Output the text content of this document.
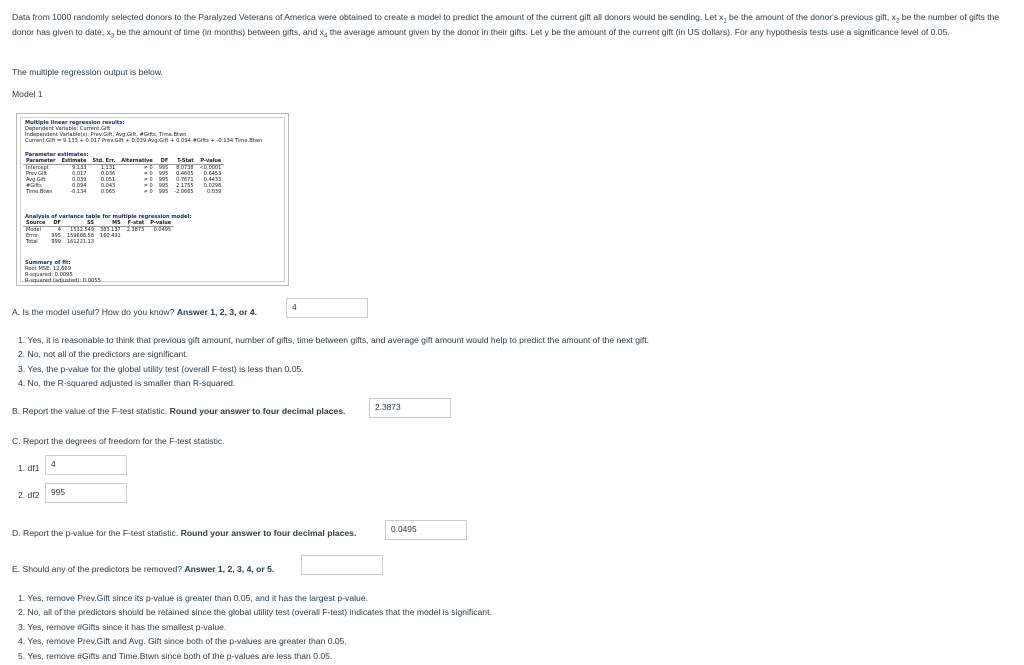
Data from 1000 randomly selected donors to the Paralyzed Veterans of America were obtained to create a model to predict the amount of the current gift all donors would be sending. Let $x_1$ be the amount of the donor's previous gift, $x_2$ be the number of gifts the donor has given to date, $x_3$ be the amount of time (in months) between gifts, and $x_4$ the average amount given by the donor in their gifts. Let y be the amount of the current gift (in US dollars). For any hypothesis tests use a significance level of 0.05.
The multiple regression output is below.
Model 1
Multiple linear regression results:
Dependent Variable: Current.Gift
Independent Variable(s): Prev.Gift, Avg.Gift, #Gifts, Time.Btwn
Current.Gift = 9.133 + 0.017 Prev.Gift + 0.039 Avg.Gift + 0.094 #Gifts + -0.134 Time.Btwn
Parameter estimates:
Parameter	Estimate	Std. Err.	Alternative	DF	T-Stat	P-value
Intercept	9.133	1.131	≠ 0	995	8.0738	<0.0001
Prev.Gift	0.017	0.036	≠ 0	995	0.4605	0.6453
Avg.Gift	0.039	0.051	≠ 0	995	0.7671	0.4433
#Gifts	0.094	0.043	≠ 0	995	2.1755	0.0298
Time.Btwn	-0.134	0.065	≠ 0	995	-2.0665	0.039
Analysis of variance table for multiple regression model:
Source	DF	SS	MS	F-stat	P-value
Model	4	1532.549	383.137	2.3873	0.0495
Error	995	159688.58	160.491		
Total	999	161221.13			
Summary of fit:
Root MSE: 12.669
R-squared: 0.0095
R-squared (adjusted): 0.0055
A. Is the model useful? How do you know? Answer 1, 2, 3, or 4.	4
1. Yes, it is reasonable to think that previous gift amount, number of gifts, time between gifts, and average gift amount would help to predict the amount of the next gift.
2. No, not all of the predictors are significant.
3. Yes, the p-value for the global utility test (overall F-test) is less than 0.05.
4. No, the R-squared adjusted is smaller than R-squared.
B. Report the value of the F-test statistic. Round your answer to four decimal places.	2.3873
C. Report the degrees of freedom for the F-test statistic.
1. df1	4
2. df2	995
D. Report the p-value for the F-test statistic. Round your answer to four decimal places.	0.0495
E. Should any of the predictors be removed? Answer 1, 2, 3, 4, or 5.
1. Yes, remove Prev.Gift since its p-value is greater than 0.05, and it has the largest p-value.
2. No, all of the predictors should be retained since the global utility test (overall F-test) indicates that the model is significant.
3. Yes, remove #Gifts since it has the smallest p-value.
4. Yes, remove Prev.Gift and Avg. Gift since both of the p-values are greater than 0.05.
5. Yes, remove #Gifts and Time.Btwn since both of the p-values are less than 0.05.
